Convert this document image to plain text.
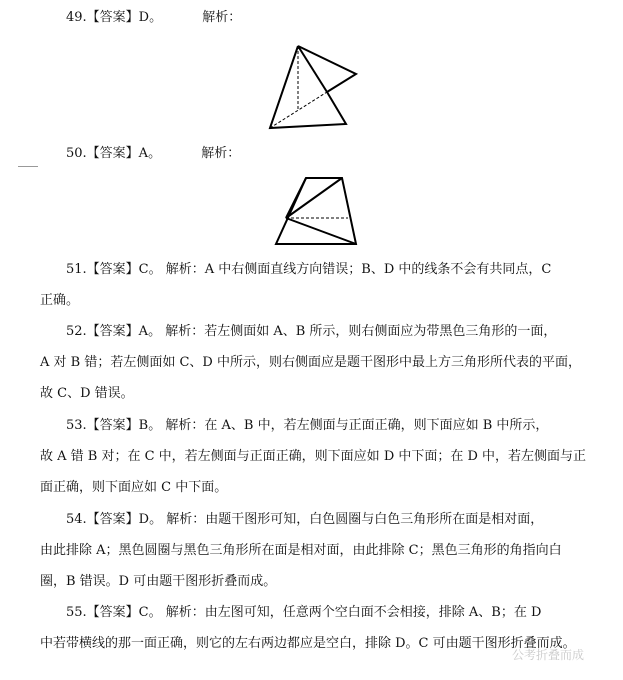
49.【答案】D。	解析：
50.【答案】A。	解析：
51.【答案】C。 解析：A 中右侧面直线方向错误；B、D 中的线条不会有共同点，C
正确。
52.【答案】A。 解析：若左侧面如 A、B 所示，则右侧面应为带黑色三角形的一面，
A 对 B 错；若左侧面如 C、D 中所示，则右侧面应是题干图形中最上方三角形所代表的平面，
故 C、D 错误。
53.【答案】B。 解析：在 A、B 中，若左侧面与正面正确，则下面应如 B 中所示，
故 A 错 B 对；在 C 中，若左侧面与正面正确，则下面应如 D 中下面；在 D 中，若左侧面与正
面正确，则下面应如 C 中下面。
54.【答案】D。 解析：由题干图形可知，白色圆圈与白色三角形所在面是相对面，
由此排除 A；黑色圆圈与黑色三角形所在面是相对面，由此排除 C；黑色三角形的角指向白
圈，B 错误。D 可由题干图形折叠而成。
55.【答案】C。 解析：由左图可知，任意两个空白面不会相接，排除 A、B；在 D
中若带横线的那一面正确，则它的左右两边都应是空白，排除 D。C 可由题干图形折叠而成。
公考折叠而成
